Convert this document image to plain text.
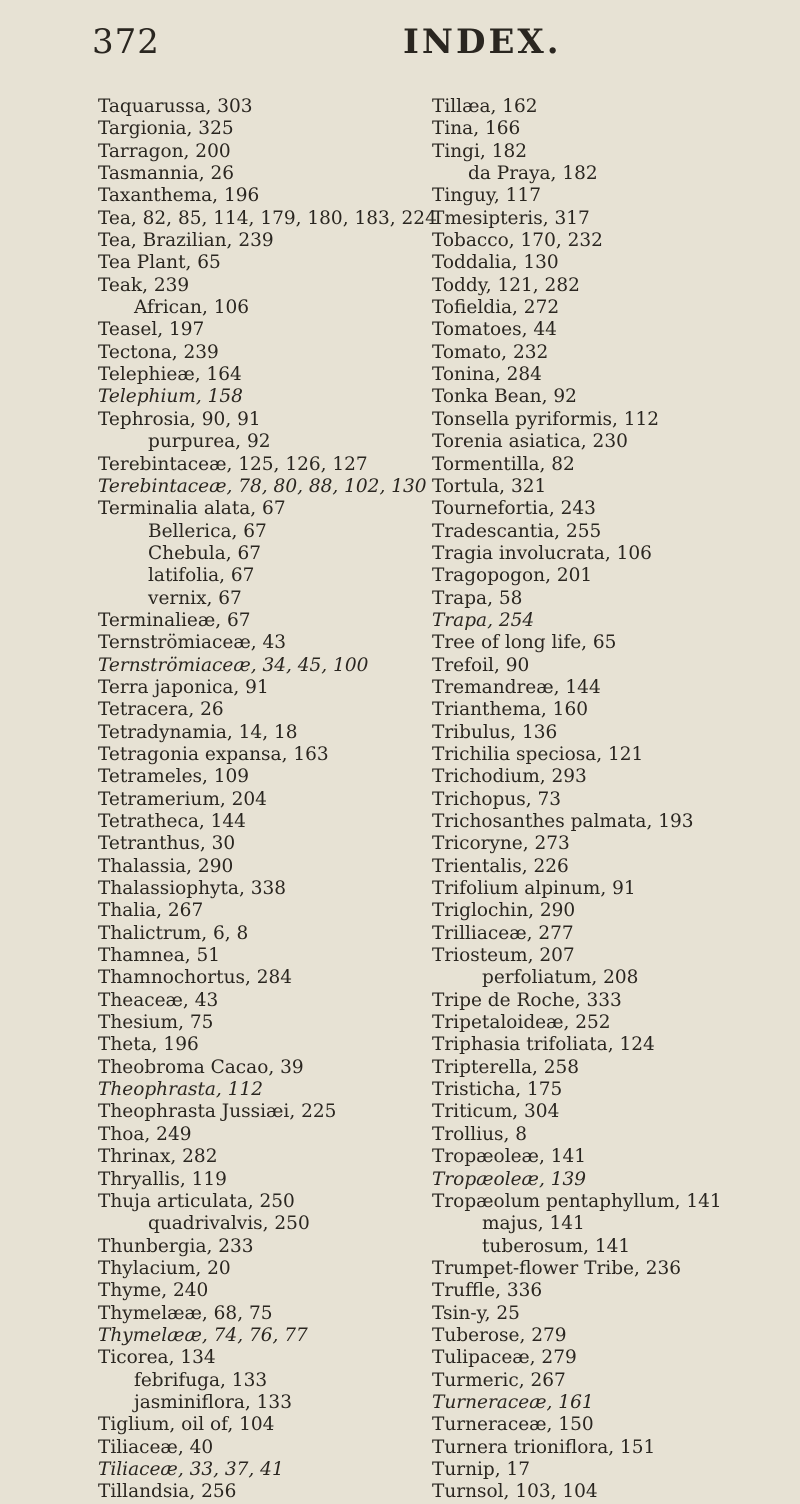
372	INDEX.
Taquarussa, 303
Targionia, 325
Tarragon, 200
Tasmannia, 26
Taxanthema, 196
Tea, 82, 85, 114, 179, 180, 183, 224
Tea, Brazilian, 239
Tea Plant, 65
Teak, 239
African, 106
Teasel, 197
Tectona, 239
Telephieæ, 164
Telephium, 158
Tephrosia, 90, 91
purpurea, 92
Terebintaceæ, 125, 126, 127
Terebintaceæ, 78, 80, 88, 102, 130
Terminalia alata, 67
Bellerica, 67
Chebula, 67
latifolia, 67
vernix, 67
Terminalieæ, 67
Ternströmiaceæ, 43
Ternströmiaceæ, 34, 45, 100
Terra japonica, 91
Tetracera, 26
Tetradynamia, 14, 18
Tetragonia expansa, 163
Tetrameles, 109
Tetramerium, 204
Tetratheca, 144
Tetranthus, 30
Thalassia, 290
Thalassiophyta, 338
Thalia, 267
Thalictrum, 6, 8
Thamnea, 51
Thamnochortus, 284
Theaceæ, 43
Thesium, 75
Theta, 196
Theobroma Cacao, 39
Theophrasta, 112
Theophrasta Jussiæi, 225
Thoa, 249
Thrinax, 282
Thryallis, 119
Thuja articulata, 250
quadrivalvis, 250
Thunbergia, 233
Thylacium, 20
Thyme, 240
Thymelææ, 68, 75
Thymelææ, 74, 76, 77
Ticorea, 134
febrifuga, 133
jasminiflora, 133
Tiglium, oil of, 104
Tiliaceæ, 40
Tiliaceæ, 33, 37, 41
Tillandsia, 256
Tillæa, 162
Tina, 166
Tingi, 182
da Praya, 182
Tinguy, 117
Tmesipteris, 317
Tobacco, 170, 232
Toddalia, 130
Toddy, 121, 282
Tofieldia, 272
Tomatoes, 44
Tomato, 232
Tonina, 284
Tonka Bean, 92
Tonsella pyriformis, 112
Torenia asiatica, 230
Tormentilla, 82
Tortula, 321
Tournefortia, 243
Tradescantia, 255
Tragia involucrata, 106
Tragopogon, 201
Trapa, 58
Trapa, 254
Tree of long life, 65
Trefoil, 90
Tremandreæ, 144
Trianthema, 160
Tribulus, 136
Trichilia speciosa, 121
Trichodium, 293
Trichopus, 73
Trichosanthes palmata, 193
Tricoryne, 273
Trientalis, 226
Trifolium alpinum, 91
Triglochin, 290
Trilliaceæ, 277
Triosteum, 207
perfoliatum, 208
Tripe de Roche, 333
Tripetaloideæ, 252
Triphasia trifoliata, 124
Tripterella, 258
Tristicha, 175
Triticum, 304
Trollius, 8
Tropæoleæ, 141
Tropæoleæ, 139
Tropæolum pentaphyllum, 141
majus, 141
tuberosum, 141
Trumpet-flower Tribe, 236
Truffle, 336
Tsin-y, 25
Tuberose, 279
Tulipaceæ, 279
Turmeric, 267
Turneraceæ, 161
Turneraceæ, 150
Turnera trioniflora, 151
Turnip, 17
Turnsol, 103, 104
